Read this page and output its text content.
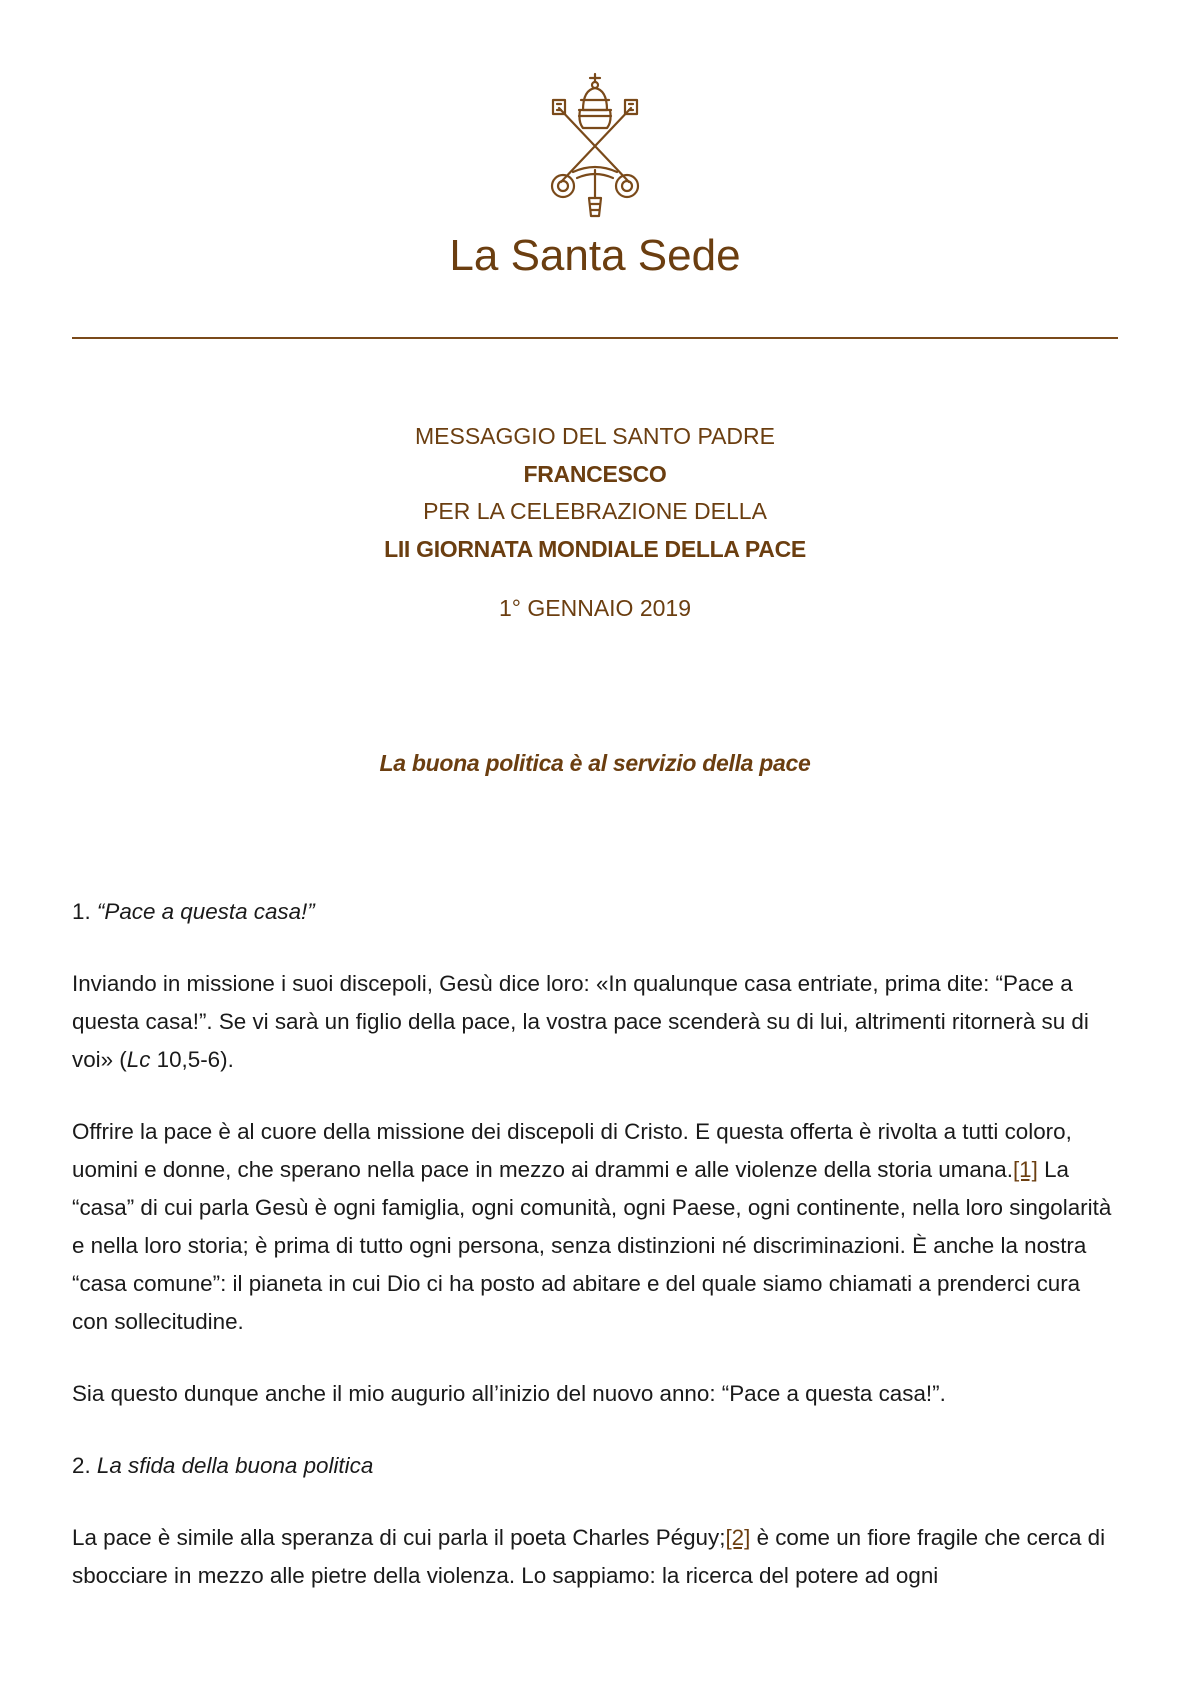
La Santa Sede
MESSAGGIO DEL SANTO PADRE
FRANCESCO
PER LA CELEBRAZIONE DELLA
LII GIORNATA MONDIALE DELLA PACE
1° GENNAIO 2019
La buona politica è al servizio della pace

1. “Pace a questa casa!”

Inviando in missione i suoi discepoli, Gesù dice loro: «In qualunque casa entriate, prima dite: “Pace a questa casa!”. Se vi sarà un figlio della pace, la vostra pace scenderà su di lui, altrimenti ritornerà su di voi» (Lc 10,5-6).

Offrire la pace è al cuore della missione dei discepoli di Cristo. E questa offerta è rivolta a tutti coloro, uomini e donne, che sperano nella pace in mezzo ai drammi e alle violenze della storia umana.[1] La “casa” di cui parla Gesù è ogni famiglia, ogni comunità, ogni Paese, ogni continente, nella loro singolarità e nella loro storia; è prima di tutto ogni persona, senza distinzioni né discriminazioni. È anche la nostra “casa comune”: il pianeta in cui Dio ci ha posto ad abitare e del quale siamo chiamati a prenderci cura con sollecitudine.

Sia questo dunque anche il mio augurio all’inizio del nuovo anno: “Pace a questa casa!”.

2. La sfida della buona politica

La pace è simile alla speranza di cui parla il poeta Charles Péguy;[2] è come un fiore fragile che cerca di sbocciare in mezzo alle pietre della violenza. Lo sappiamo: la ricerca del potere ad ogni
